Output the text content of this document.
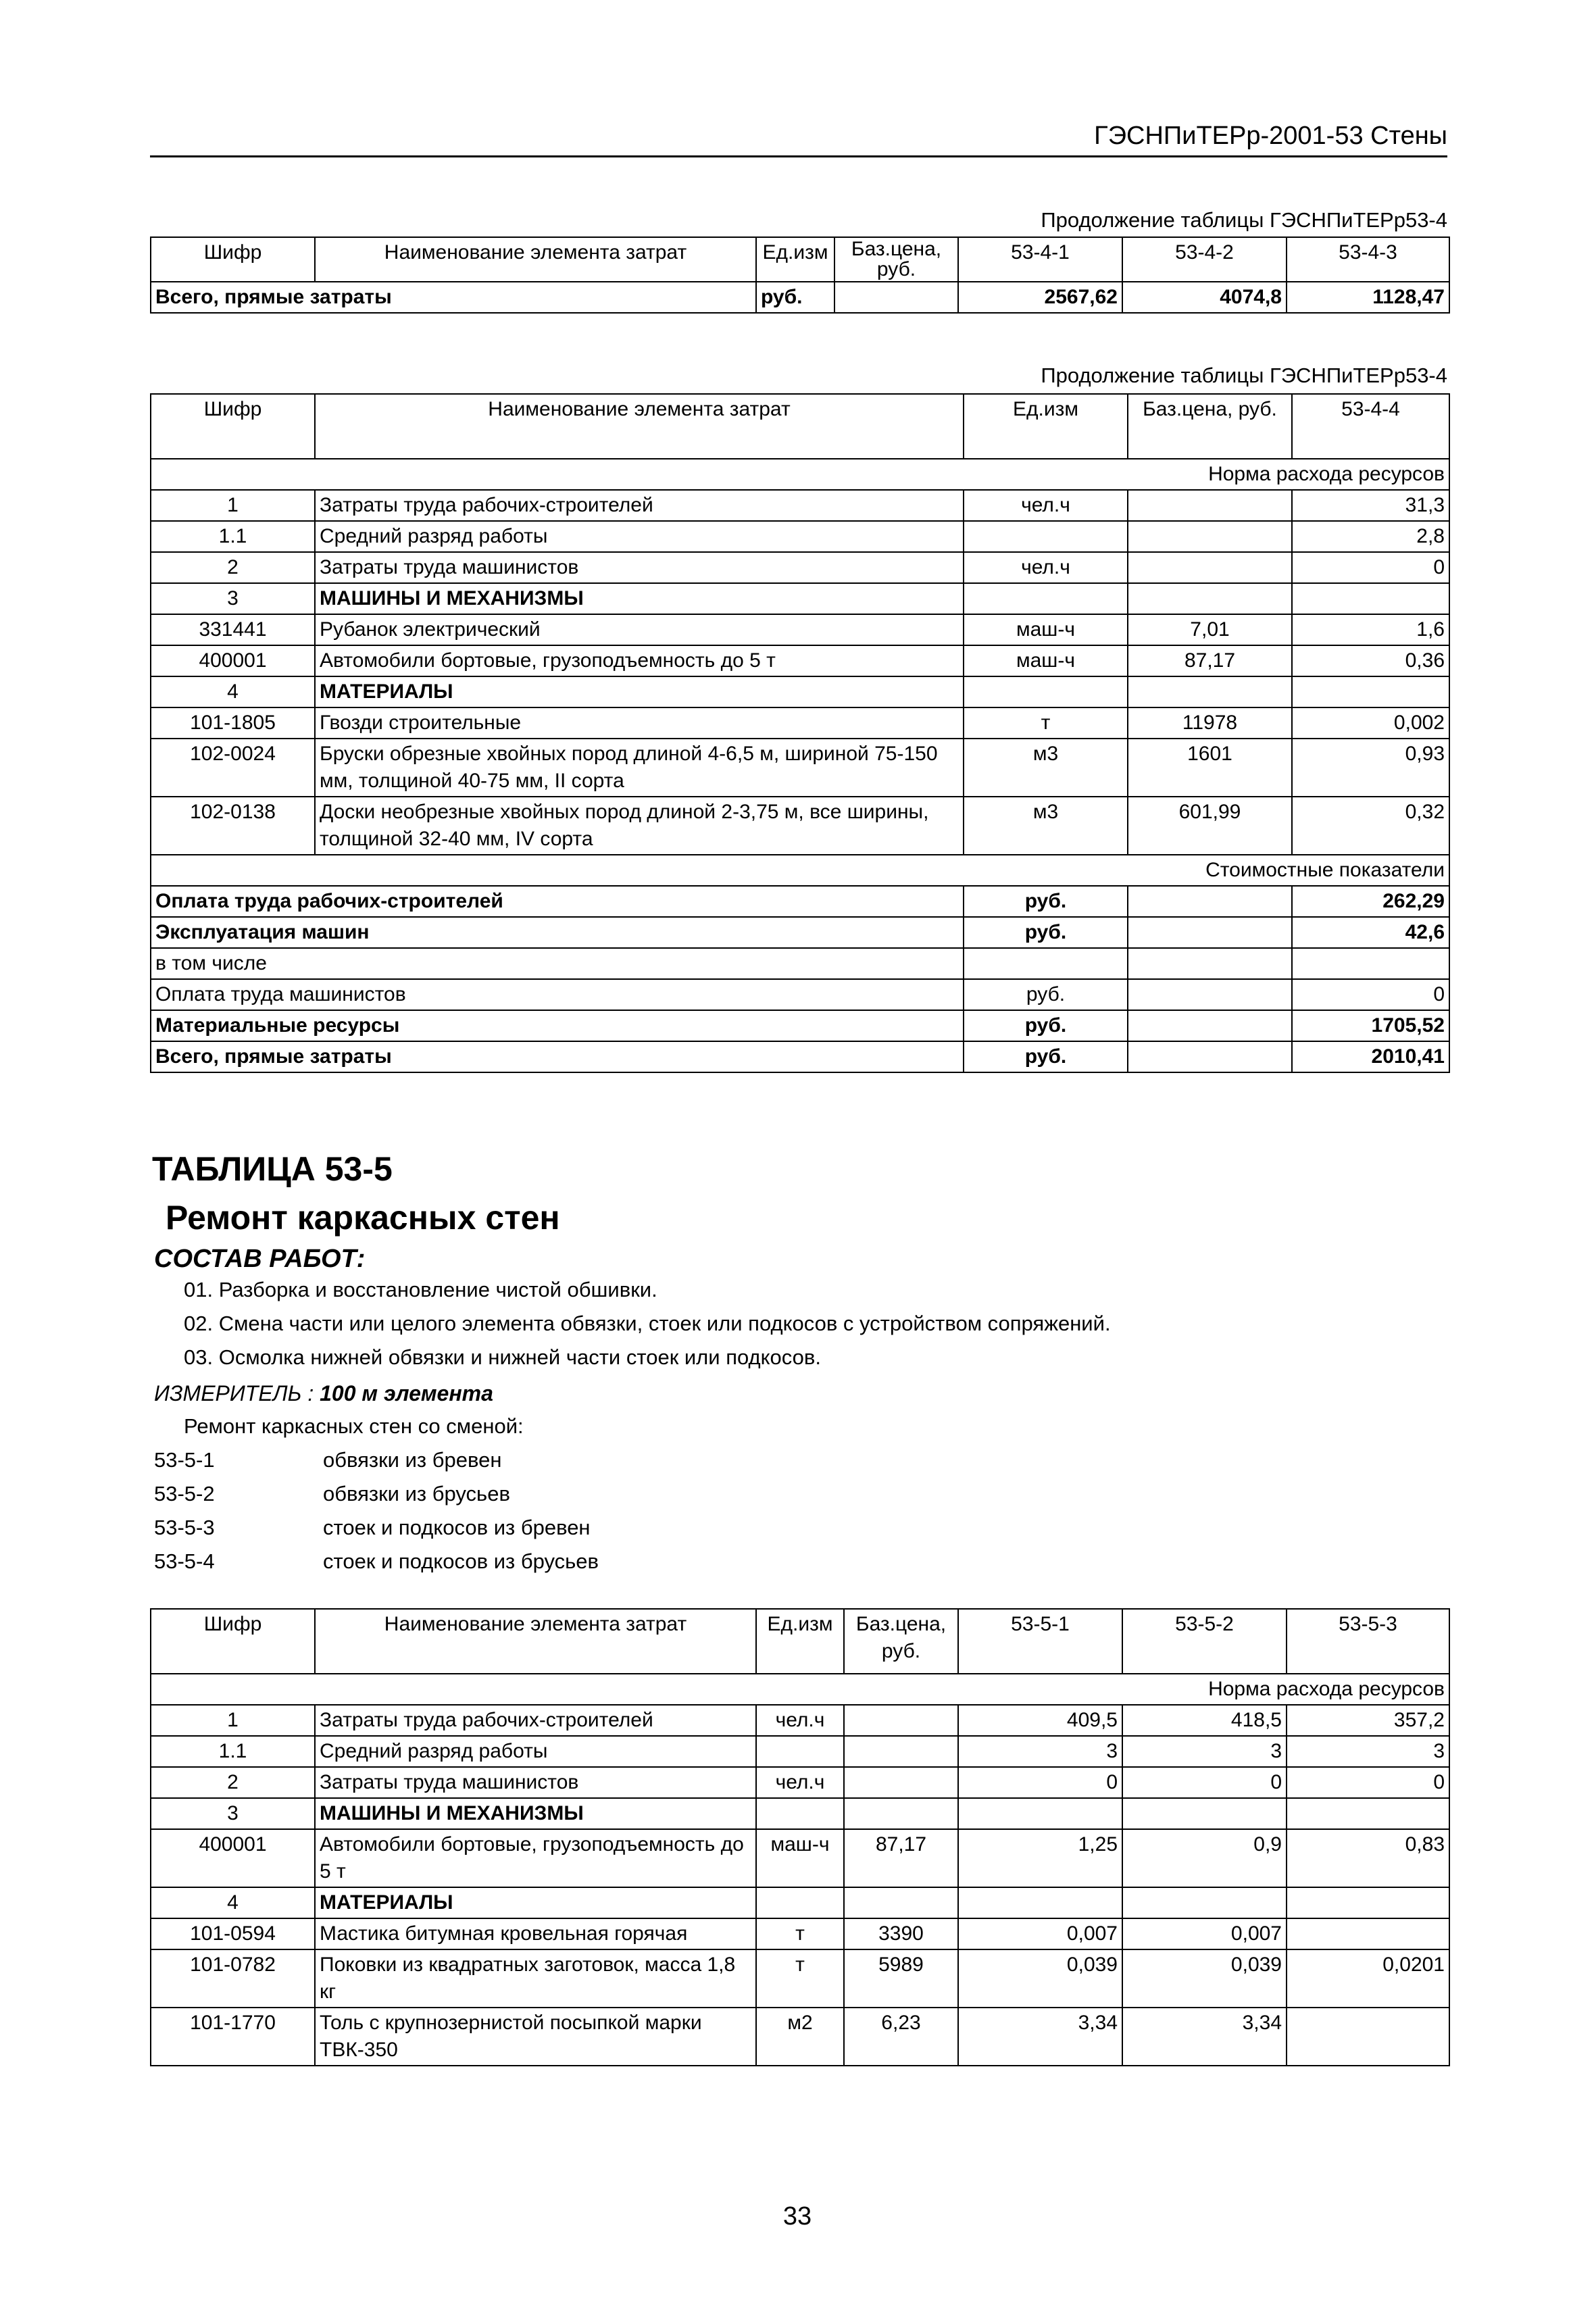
ГЭСНПиТЕРр-2001-53 Стены
Продолжение таблицы ГЭСНПиТЕРр53-4
Шифр	Наименование элемента затрат	Ед.изм	Баз.цена, руб.	53-4-1	53-4-2	53-4-3
Всего, прямые затраты		руб.		2567,62	4074,8	1128,47
Продолжение таблицы ГЭСНПиТЕРр53-4
Шифр	Наименование элемента затрат	Ед.изм	Баз.цена, руб.	53-4-4
Норма расхода ресурсов				
1	Затраты труда рабочих-строителей	чел.ч		31,3
1.1	Средний разряд работы			2,8
2	Затраты труда машинистов	чел.ч		0
3	МАШИНЫ И МЕХАНИЗМЫ			
331441	Рубанок электрический	маш-ч	7,01	1,6
400001	Автомобили бортовые, грузоподъемность до 5 т	маш-ч	87,17	0,36
4	МАТЕРИАЛЫ			
101-1805	Гвозди строительные	т	11978	0,002
102-0024	Бруски обрезные хвойных пород длиной 4-6,5 м, шириной 75-150 мм, толщиной 40-75 мм, II сорта	м3	1601	0,93
102-0138	Доски необрезные хвойных пород длиной 2-3,75 м, все ширины, толщиной 32-40 мм, IV сорта	м3	601,99	0,32
Стоимостные показатели				
Оплата труда рабочих-строителей		руб.		262,29
Эксплуатация машин		руб.		42,6
в том числе				
Оплата труда машинистов		руб.		0
Материальные ресурсы		руб.		1705,52
Всего, прямые затраты		руб.		2010,41
ТАБЛИЦА 53-5
Ремонт каркасных стен
СОСТАВ РАБОТ:
01. Разборка и восстановление чистой обшивки.
02. Смена части или целого элемента обвязки, стоек или подкосов с устройством сопряжений.
03. Осмолка нижней обвязки и нижней части стоек или подкосов.
ИЗМЕРИТЕЛЬ : 100 м элемента
Ремонт каркасных стен со сменой:
53-5-1	обвязки из бревен
53-5-2	обвязки из брусьев
53-5-3	стоек и подкосов из бревен
53-5-4	стоек и подкосов из брусьев
Шифр	Наименование элемента затрат	Ед.изм	Баз.цена, руб.	53-5-1	53-5-2	53-5-3
Норма расхода ресурсов						
1	Затраты труда рабочих-строителей	чел.ч		409,5	418,5	357,2
1.1	Средний разряд работы			3	3	3
2	Затраты труда машинистов	чел.ч		0	0	0
3	МАШИНЫ И МЕХАНИЗМЫ					
400001	Автомобили бортовые, грузоподъемность до 5 т	маш-ч	87,17	1,25	0,9	0,83
4	МАТЕРИАЛЫ					
101-0594	Мастика битумная кровельная горячая	т	3390	0,007	0,007	
101-0782	Поковки из квадратных заготовок, масса 1,8 кг	т	5989	0,039	0,039	0,0201
101-1770	Толь с крупнозернистой посыпкой марки ТВК-350	м2	6,23	3,34	3,34	
33
